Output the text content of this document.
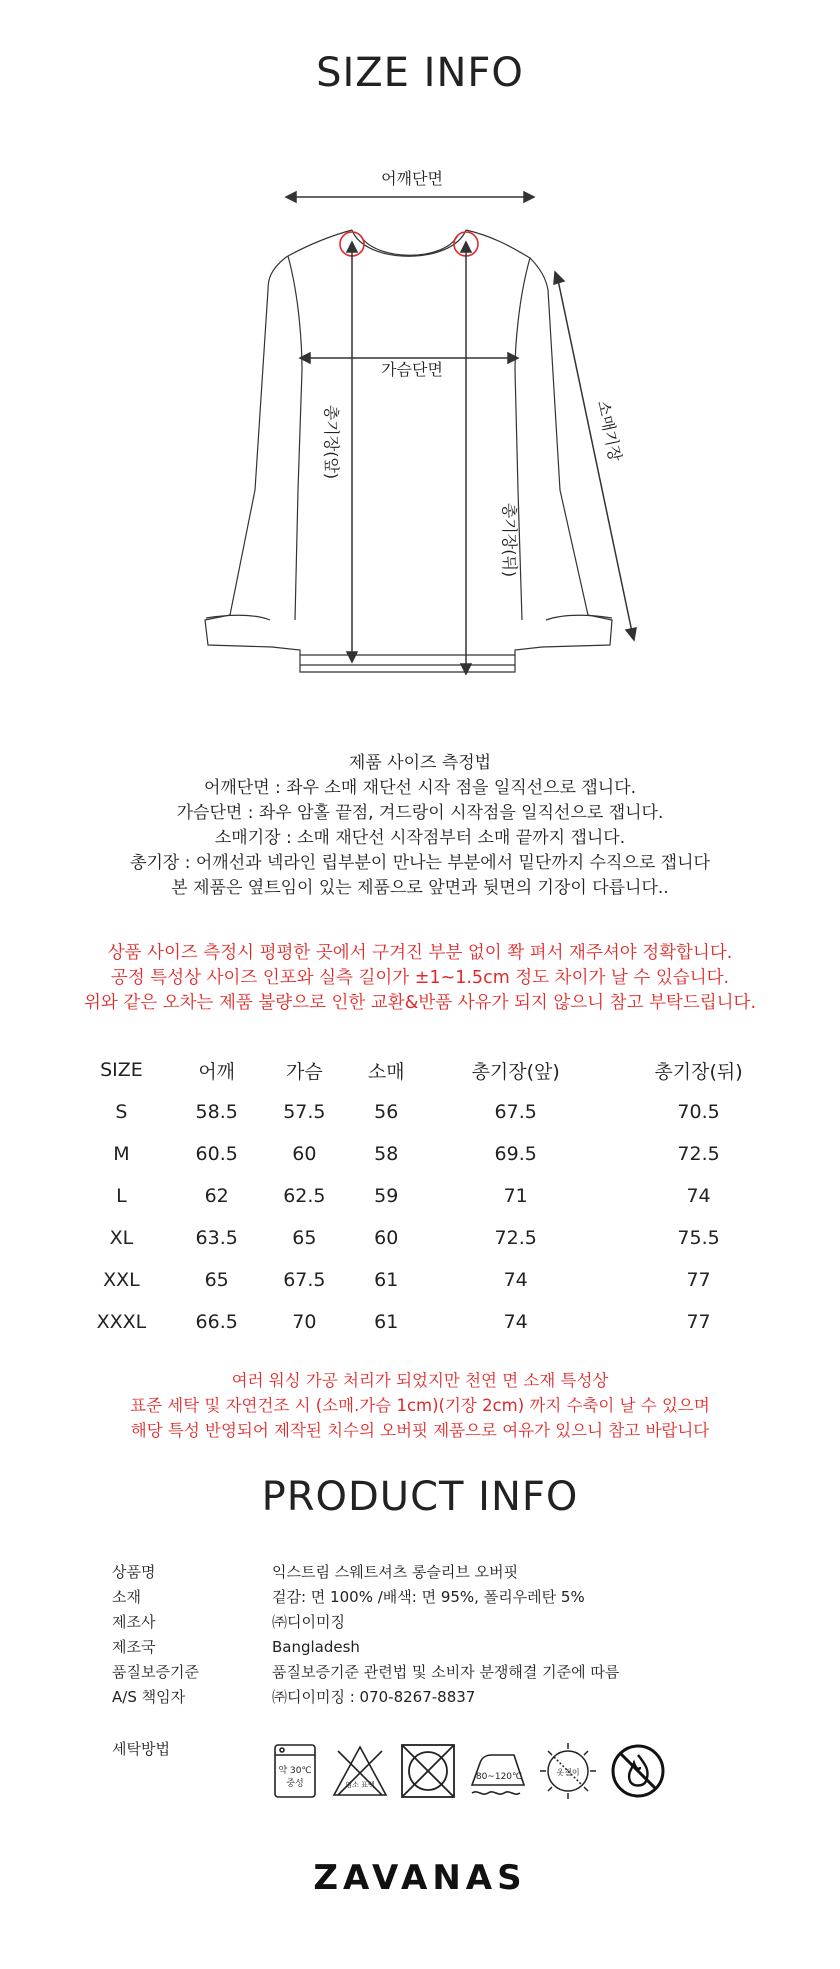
SIZE INFO
어깨단면
가슴단면
총기장(앞)
총기장(뒤)
소매기장
제품 사이즈 측정법
어깨단면 : 좌우 소매 재단선 시작 점을 일직선으로 잽니다.
가슴단면 : 좌우 암홀 끝점, 겨드랑이 시작점을 일직선으로 잽니다.
소매기장 : 소매 재단선 시작점부터 소매 끝까지 잽니다.
총기장 : 어깨선과 넥라인 립부분이 만나는 부분에서 밑단까지 수직으로 잽니다
본 제품은 옆트임이 있는 제품으로 앞면과 뒷면의 기장이 다릅니다..
상품 사이즈 측정시 평평한 곳에서 구겨진 부분 없이 쫙 펴서 재주셔야 정확합니다.
공정 특성상 사이즈 인포와 실측 길이가 ±1~1.5cm 정도 차이가 날 수 있습니다.
위와 같은 오차는 제품 불량으로 인한 교환&반품 사유가 되지 않으니 참고 부탁드립니다.
SIZE	어깨	가슴	소매	총기장(앞)	총기장(뒤)
S	58.5	57.5	56	67.5	70.5
M	60.5	60	58	69.5	72.5
L	62	62.5	59	71	74
XL	63.5	65	60	72.5	75.5
XXL	65	67.5	61	74	77
XXXL	66.5	70	61	74	77
여러 워싱 가공 처리가 되었지만 천연 면 소재 특성상
표준 세탁 및 자연건조 시 (소매.가슴 1cm)(기장 2cm) 까지 수축이 날 수 있으며
해당 특성 반영되어 제작된 치수의 오버핏 제품으로 여유가 있으니 참고 바랍니다
PRODUCT INFO
상품명	익스트림 스웨트셔츠 롱슬리브 오버핏
소재	겉감: 면 100% /배색: 면 95%, 폴리우레탄 5%
제조사	㈜디이미징
제조국	Bangladesh
품질보증기준	품질보증기준 관련법 및 소비자 분쟁해결 기준에 따름
A/S 책임자	㈜디이미징 : 070-8267-8837
세탁방법
약 30℃
중성	염소 표백
80~120℃	옷걸이
ZAVANAS
